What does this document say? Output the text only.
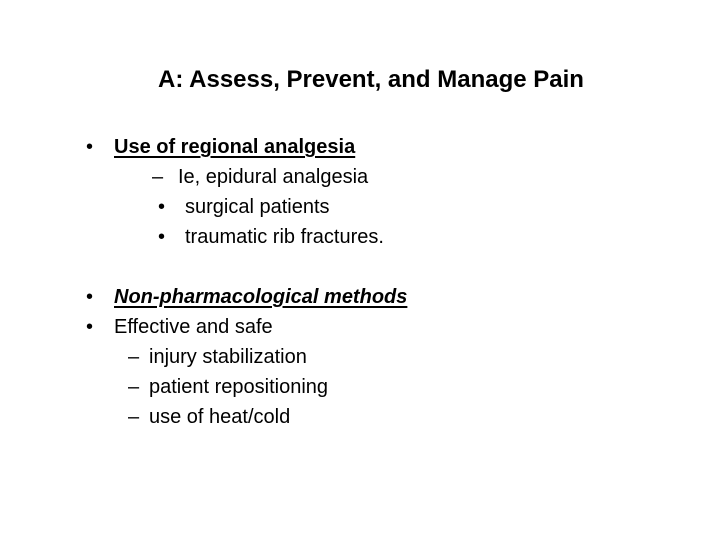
A: Assess, Prevent, and Manage Pain
• Use of regional analgesia
– Ie, epidural analgesia
• surgical patients
• traumatic rib fractures.
• Non-pharmacological methods
• Effective and safe
– injury stabilization
– patient repositioning
– use of heat/cold
